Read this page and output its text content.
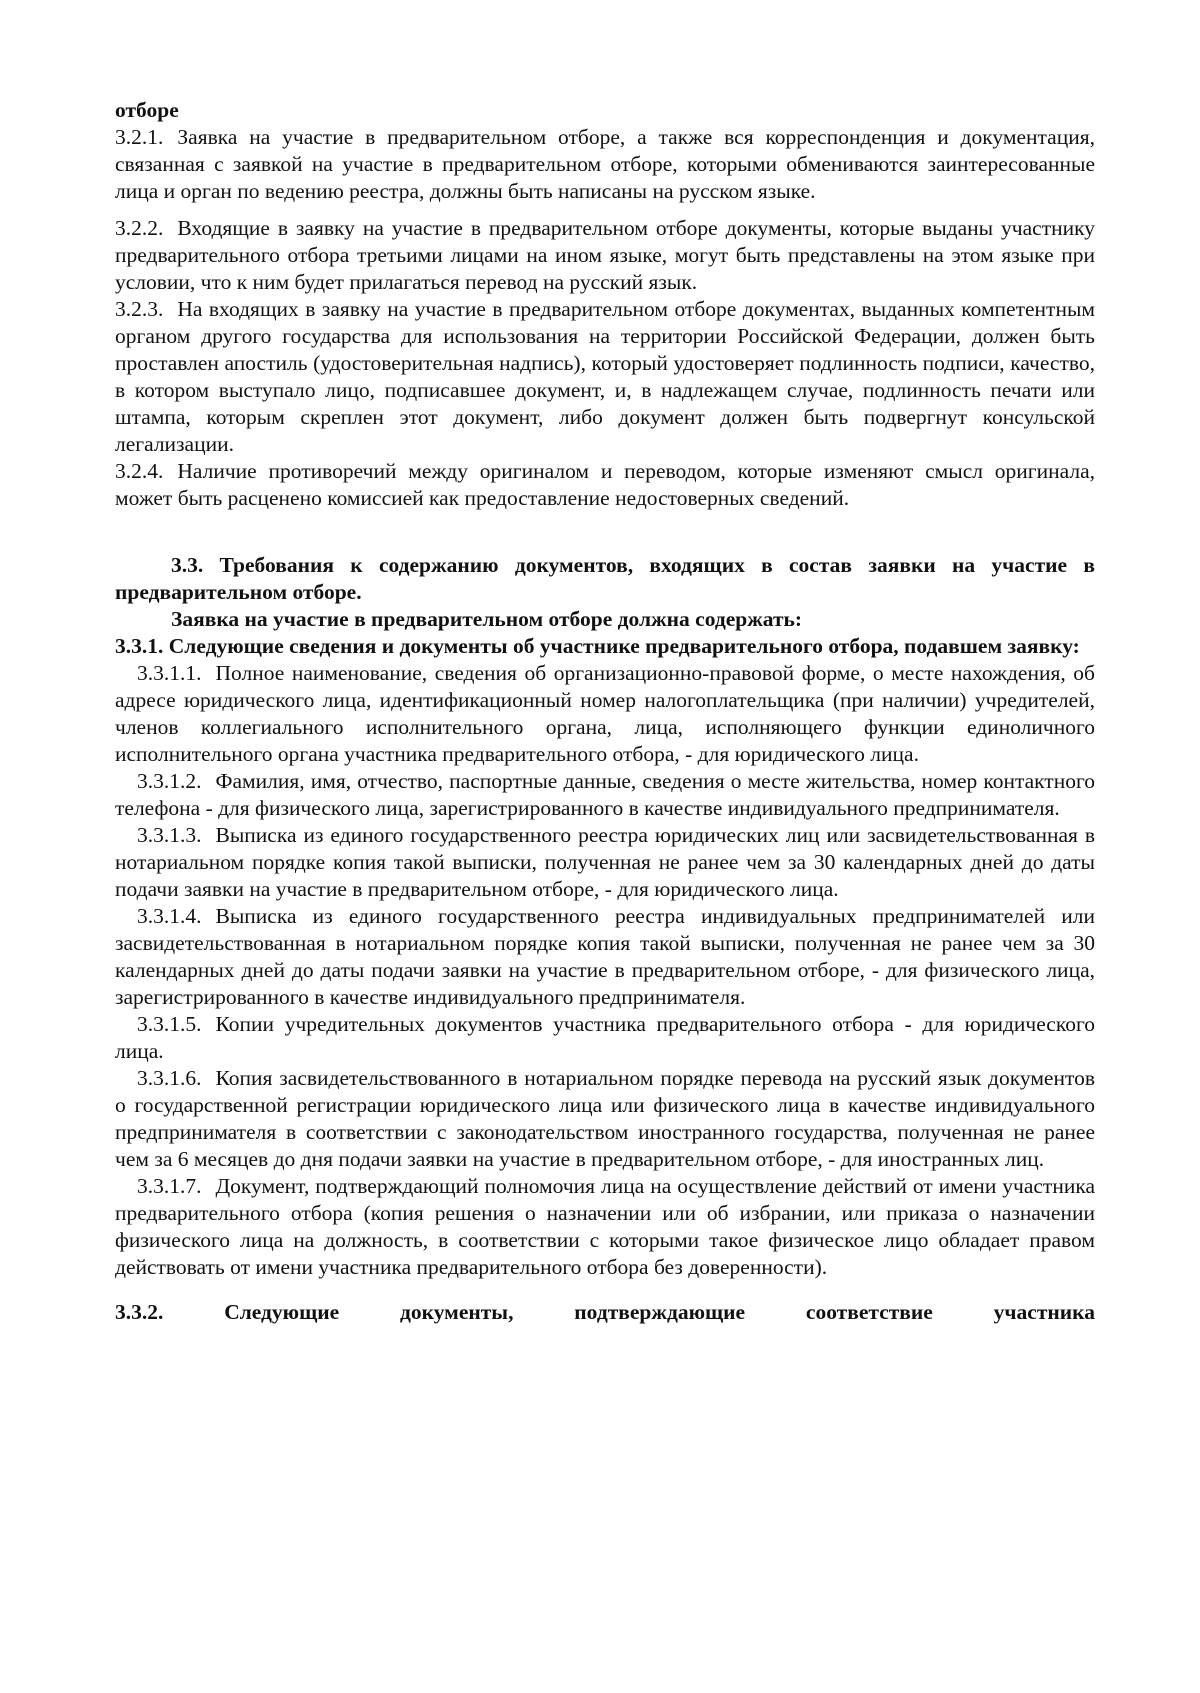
отборе

3.2.1. Заявка на участие в предварительном отборе, а также вся корреспонденция и документация, связанная с заявкой на участие в предварительном отборе, которыми обмениваются заинтересованные лица и орган по ведению реестра, должны быть написаны на русском языке.

3.2.2. Входящие в заявку на участие в предварительном отборе документы, которые выданы участнику предварительного отбора третьими лицами на ином языке, могут быть представлены на этом языке при условии, что к ним будет прилагаться перевод на русский язык.

3.2.3. На входящих в заявку на участие в предварительном отборе документах, выданных компетентным органом другого государства для использования на территории Российской Федерации, должен быть проставлен апостиль (удостоверительная надпись), который удостоверяет подлинность подписи, качество, в котором выступало лицо, подписавшее документ, и, в надлежащем случае, подлинность печати или штампа, которым скреплен этот документ, либо документ должен быть подвергнут консульской легализации.

3.2.4. Наличие противоречий между оригиналом и переводом, которые изменяют смысл оригинала, может быть расценено комиссией как предоставление недостоверных сведений.

3.3. Требования к содержанию документов, входящих в состав заявки на участие в предварительном отборе.

Заявка на участие в предварительном отборе должна содержать:

3.3.1. Следующие сведения и документы об участнике предварительного отбора, подавшем заявку:

3.3.1.1. Полное наименование, сведения об организационно-правовой форме, о месте нахождения, об адресе юридического лица, идентификационный номер налогоплательщика (при наличии) учредителей, членов коллегиального исполнительного органа, лица, исполняющего функции единоличного исполнительного органа участника предварительного отбора, - для юридического лица.

3.3.1.2. Фамилия, имя, отчество, паспортные данные, сведения о месте жительства, номер контактного телефона - для физического лица, зарегистрированного в качестве индивидуального предпринимателя.

3.3.1.3. Выписка из единого государственного реестра юридических лиц или засвидетельствованная в нотариальном порядке копия такой выписки, полученная не ранее чем за 30 календарных дней до даты подачи заявки на участие в предварительном отборе, - для юридического лица.

3.3.1.4. Выписка из единого государственного реестра индивидуальных предпринимателей или засвидетельствованная в нотариальном порядке копия такой выписки, полученная не ранее чем за 30 календарных дней до даты подачи заявки на участие в предварительном отборе, - для физического лица, зарегистрированного в качестве индивидуального предпринимателя.

3.3.1.5. Копии учредительных документов участника предварительного отбора - для юридического лица.

3.3.1.6. Копия засвидетельствованного в нотариальном порядке перевода на русский язык документов о государственной регистрации юридического лица или физического лица в качестве индивидуального предпринимателя в соответствии с законодательством иностранного государства, полученная не ранее чем за 6 месяцев до дня подачи заявки на участие в предварительном отборе, - для иностранных лиц.

3.3.1.7. Документ, подтверждающий полномочия лица на осуществление действий от имени участника предварительного отбора (копия решения о назначении или об избрании, или приказа о назначении физического лица на должность, в соответствии с которыми такое физическое лицо обладает правом действовать от имени участника предварительного отбора без доверенности).

3.3.2.	Следующие	документы,	подтверждающие	соответствие	участника
